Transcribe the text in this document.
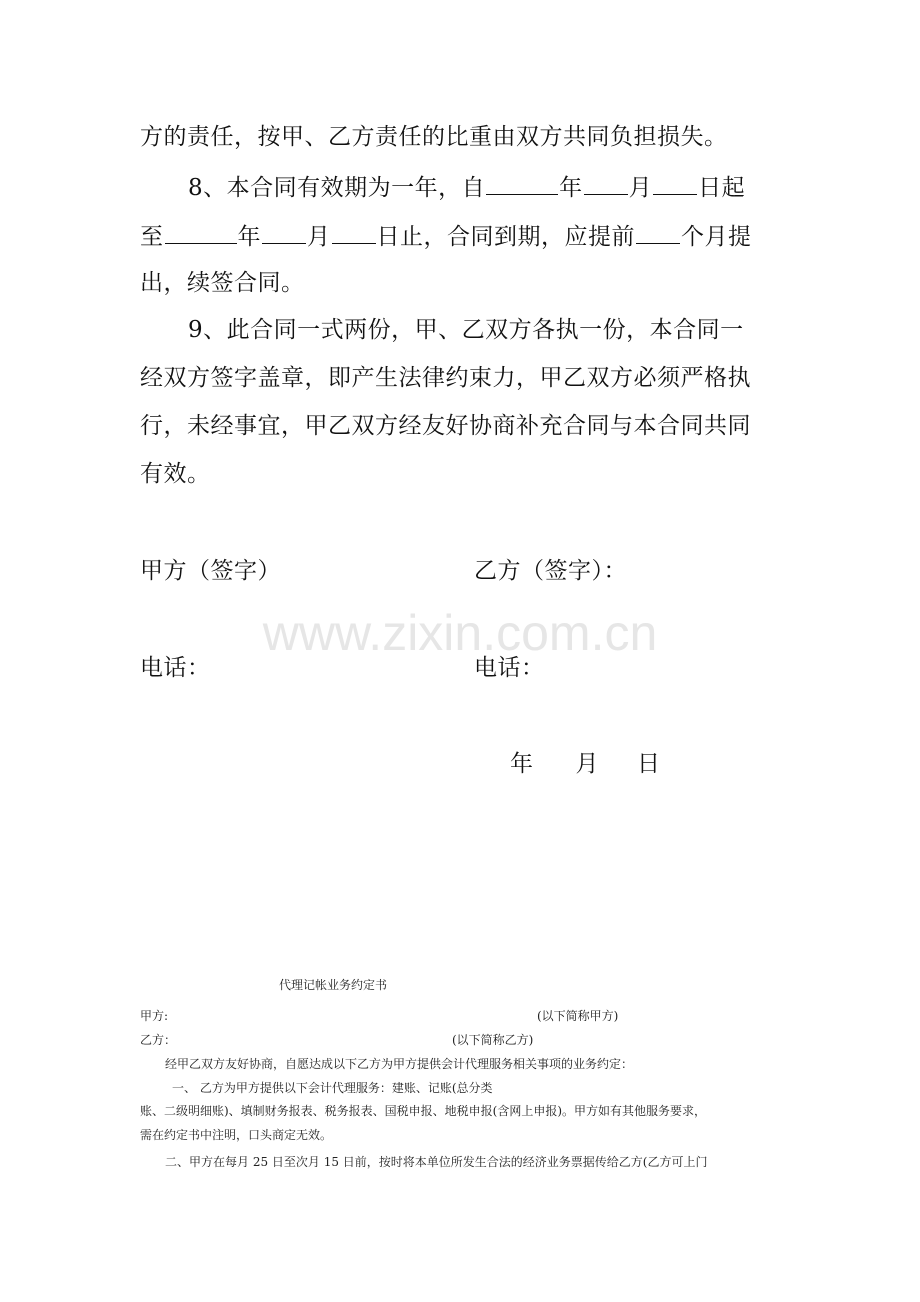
方的责任，按甲、乙方责任的比重由双方共同负担损失。
8、本合同有效期为一年，自	年 月 日起
至	年 月 日止，合同到期，应提前 个月提
出，续签合同。
9、此合同一式两份，甲、乙双方各执一份，本合同一
经双方签字盖章，即产生法律约束力，甲乙双方必须严格执
行，未经事宜，甲乙双方经友好协商补充合同与本合同共同
有效。
甲方（签字）	乙方（签字）：
电话：	电话：
年 月 日
www.zixin.com.cn
代理记帐业务约定书
甲方:	(以下简称甲方)
乙方：	(以下简称乙方)
经甲乙双方友好协商，自愿达成以下乙方为甲方提供会计代理服务相关事项的业务约定：
一、 乙方为甲方提供以下会计代理服务：建账、记账(总分类
账、二级明细账)、填制财务报表、税务报表、国税申报、地税申报(含网上申报)。甲方如有其他服务要求，
需在约定书中注明，口头商定无效。
二、甲方在每月 25 日至次月 15 日前，按时将本单位所发生合法的经济业务票据传给乙方(乙方可上门
